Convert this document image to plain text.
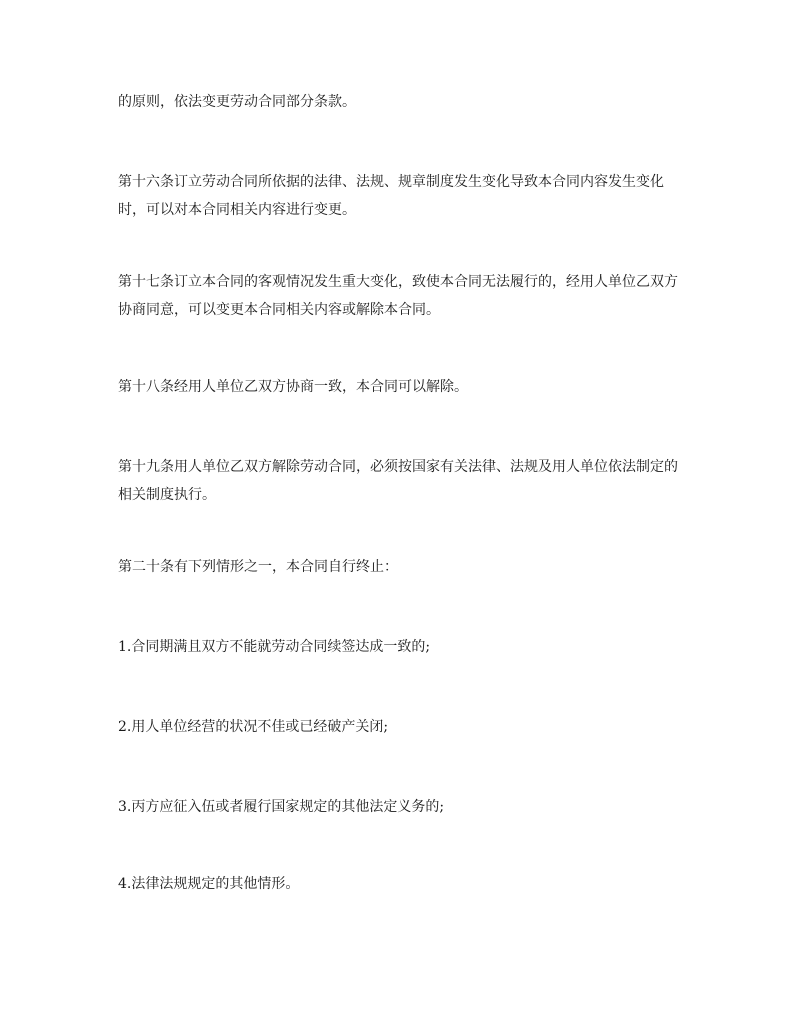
的原则，依法变更劳动合同部分条款。

第十六条订立劳动合同所依据的法律、法规、规章制度发生变化导致本合同内容发生变化时，可以对本合同相关内容进行变更。

第十七条订立本合同的客观情况发生重大变化，致使本合同无法履行的，经用人单位乙双方协商同意，可以变更本合同相关内容或解除本合同。

第十八条经用人单位乙双方协商一致，本合同可以解除。

第十九条用人单位乙双方解除劳动合同，必须按国家有关法律、法规及用人单位依法制定的相关制度执行。

第二十条有下列情形之一，本合同自行终止：

1.合同期满且双方不能就劳动合同续签达成一致的;

2.用人单位经营的状况不佳或已经破产关闭;

3.丙方应征入伍或者履行国家规定的其他法定义务的;

4.法律法规规定的其他情形。
